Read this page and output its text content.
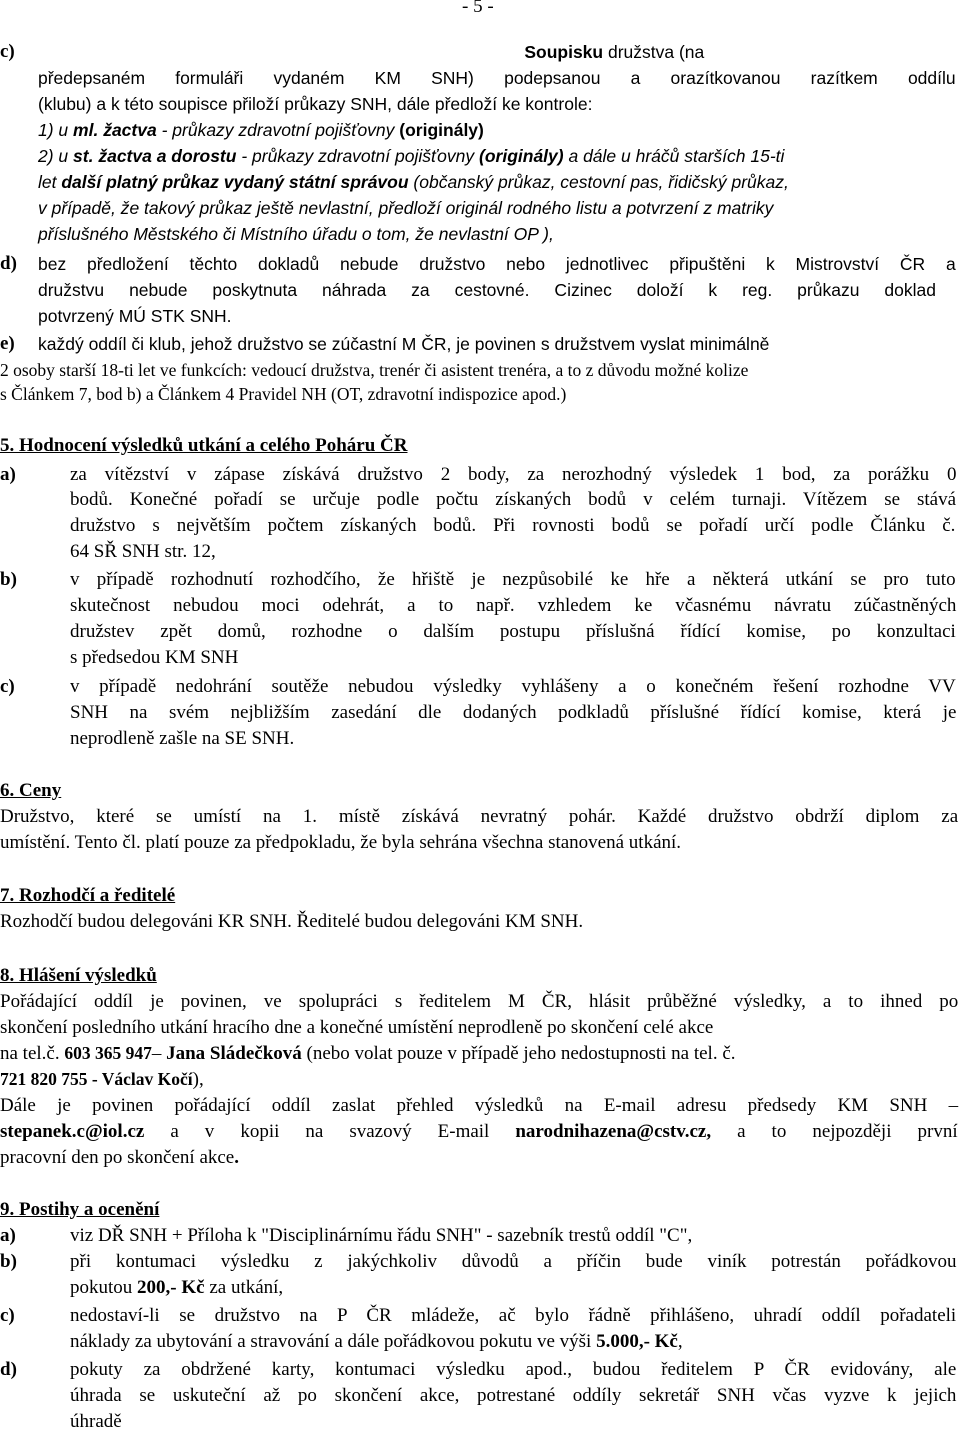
- 5 -
c)	Soupisku družstva (na
předepsaném formuláři vydaném KM SNH) podepsanou a orazítkovanou razítkem oddílu
(klubu) a k této soupisce přiloží průkazy SNH, dále předloží ke kontrole:
1) u ml. žactva - průkazy zdravotní pojišťovny (originály)
2) u st. žactva a dorostu - průkazy zdravotní pojišťovny (originály) a dále u hráčů starších 15-ti
let další platný průkaz vydaný státní správou (občanský průkaz, cestovní pas, řidičský průkaz,
v případě, že takový průkaz ještě nevlastní, předloží originál rodného listu a potvrzení z matriky
příslušného Městského či Místního úřadu o tom, že nevlastní OP ),
d) bez předložení těchto dokladů nebude družstvo nebo jednotlivec připuštěni k Mistrovství ČR a
družstvu nebude poskytnuta náhrada za cestovné. Cizinec doloží k reg. průkazu doklad
potvrzený MÚ STK SNH.
e) každý oddíl či klub, jehož družstvo se zúčastní M ČR, je povinen s družstvem vyslat minimálně
2 osoby starší 18-ti let ve funkcích: vedoucí družstva, trenér či asistent trenéra, a to z důvodu možné kolize
s Článkem 7, bod b) a Článkem 4 Pravidel NH (OT, zdravotní indispozice apod.)
5. Hodnocení výsledků utkání a celého Poháru ČR
a)	za vítězství v zápase získává družstvo 2 body, za nerozhodný výsledek 1 bod, za porážku 0
bodů. Konečné pořadí se určuje podle počtu získaných bodů v celém turnaji. Vítězem se stává
družstvo s největším počtem získaných bodů. Při rovnosti bodů se pořadí určí podle Článku č.
64 SŘ SNH str. 12,
b)	v případě rozhodnutí rozhodčího, že hřiště je nezpůsobilé ke hře a některá utkání se pro tuto
skutečnost nebudou moci odehrát, a to např. vzhledem ke včasnému návratu zúčastněných
družstev zpět domů, rozhodne o dalším postupu příslušná řídící komise, po konzultaci
s předsedou KM SNH
c)	v případě nedohrání soutěže nebudou výsledky vyhlášeny a o konečném řešení rozhodne VV
SNH na svém nejbližším zasedání dle dodaných podkladů příslušné řídící komise, která je
neprodleně zašle na SE SNH.
6. Ceny
Družstvo, které se umístí na 1. místě získává nevratný pohár. Každé družstvo obdrží diplom za
umístění. Tento čl. platí pouze za předpokladu, že byla sehrána všechna stanovená utkání.
7. Rozhodčí a ředitelé
Rozhodčí budou delegováni KR SNH. Ředitelé budou delegováni KM SNH.
8. Hlášení výsledků
Pořádající oddíl je povinen, ve spolupráci s ředitelem M ČR, hlásit průběžné výsledky, a to ihned po
skončení posledního utkání hracího dne a konečné umístění neprodleně po skončení celé akce
na tel.č. 603 365 947– Jana Sládečková (nebo volat pouze v případě jeho nedostupnosti na tel. č.
721 820 755 - Václav Kočí),
Dále je povinen pořádající oddíl zaslat přehled výsledků na E-mail adresu předsedy KM SNH –
stepanek.c@iol.cz a v kopii na svazový E-mail narodnihazena@cstv.cz, a to nejpozději první
pracovní den po skončení akce.
9. Postihy a ocenění
a)	viz DŘ SNH + Příloha k "Disciplinárnímu řádu SNH" - sazebník trestů oddíl "C",
b)	při kontumaci výsledku z jakýchkoliv důvodů a příčin bude viník potrestán pořádkovou
pokutou 200,- Kč za utkání,
c)	nedostaví-li se družstvo na P ČR mládeže, ač bylo řádně přihlášeno, uhradí oddíl pořadateli
náklady za ubytování a stravování a dále pořádkovou pokutu ve výši 5.000,- Kč,
d)	pokuty za obdržené karty, kontumaci výsledku apod., budou ředitelem P ČR evidovány, ale
úhrada se uskuteční až po skončení akce, potrestané oddíly sekretář SNH včas vyzve k jejich
úhradě
